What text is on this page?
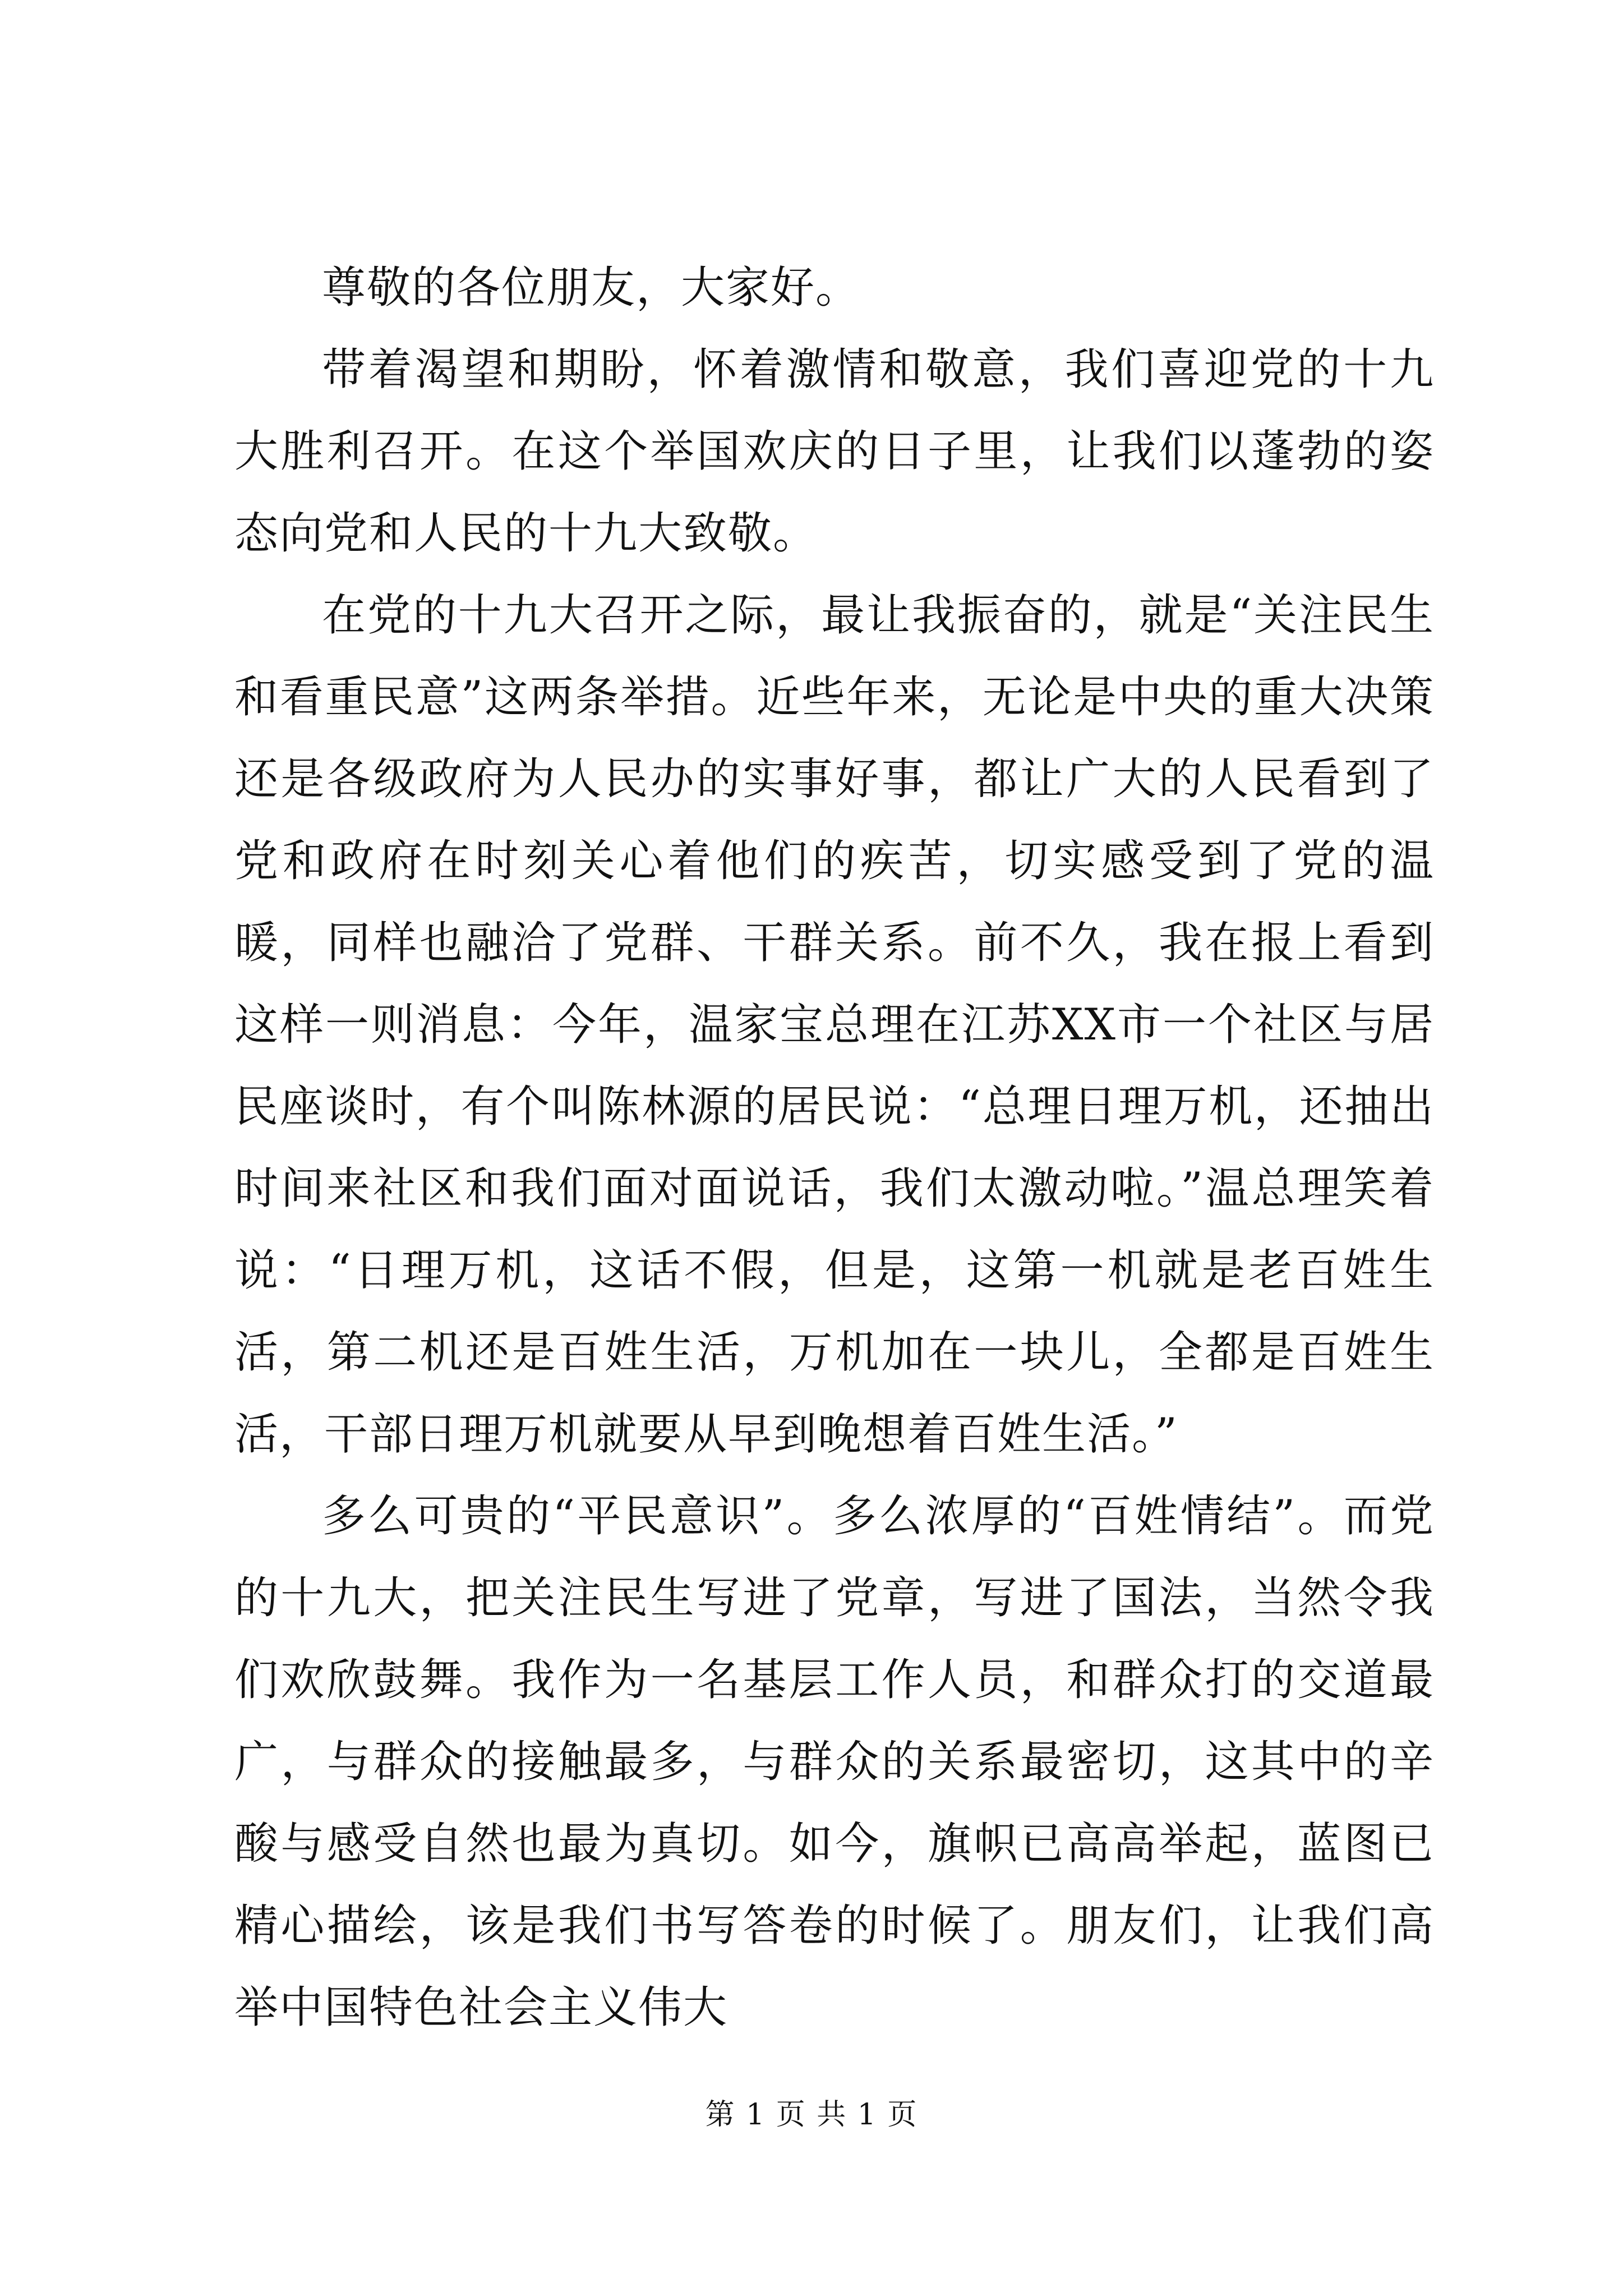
尊敬的各位朋友，大家好。

带着渴望和期盼，怀着激情和敬意，我们喜迎党的十九大胜利召开。在这个举国欢庆的日子里，让我们以蓬勃的姿态向党和人民的十九大致敬。

在党的十九大召开之际，最让我振奋的，就是“关注民生和看重民意”这两条举措。近些年来，无论是中央的重大决策还是各级政府为人民办的实事好事，都让广大的人民看到了党和政府在时刻关心着他们的疾苦，切实感受到了党的温暖，同样也融洽了党群、干群关系。前不久，我在报上看到这样一则消息：今年，温家宝总理在江苏XX市一个社区与居民座谈时，有个叫陈林源的居民说：“总理日理万机，还抽出时间来社区和我们面对面说话，我们太激动啦。”温总理笑着说：“日理万机，这话不假，但是，这第一机就是老百姓生活，第二机还是百姓生活，万机加在一块儿，全都是百姓生活，干部日理万机就要从早到晚想着百姓生活。”

多么可贵的“平民意识”。多么浓厚的“百姓情结”。而党的十九大，把关注民生写进了党章，写进了国法，当然令我们欢欣鼓舞。我作为一名基层工作人员，和群众打的交道最广，与群众的接触最多，与群众的关系最密切，这其中的辛酸与感受自然也最为真切。如今，旗帜已高高举起，蓝图已精心描绘，该是我们书写答卷的时候了。朋友们，让我们高举中国特色社会主义伟大

第 1 页 共 1 页
